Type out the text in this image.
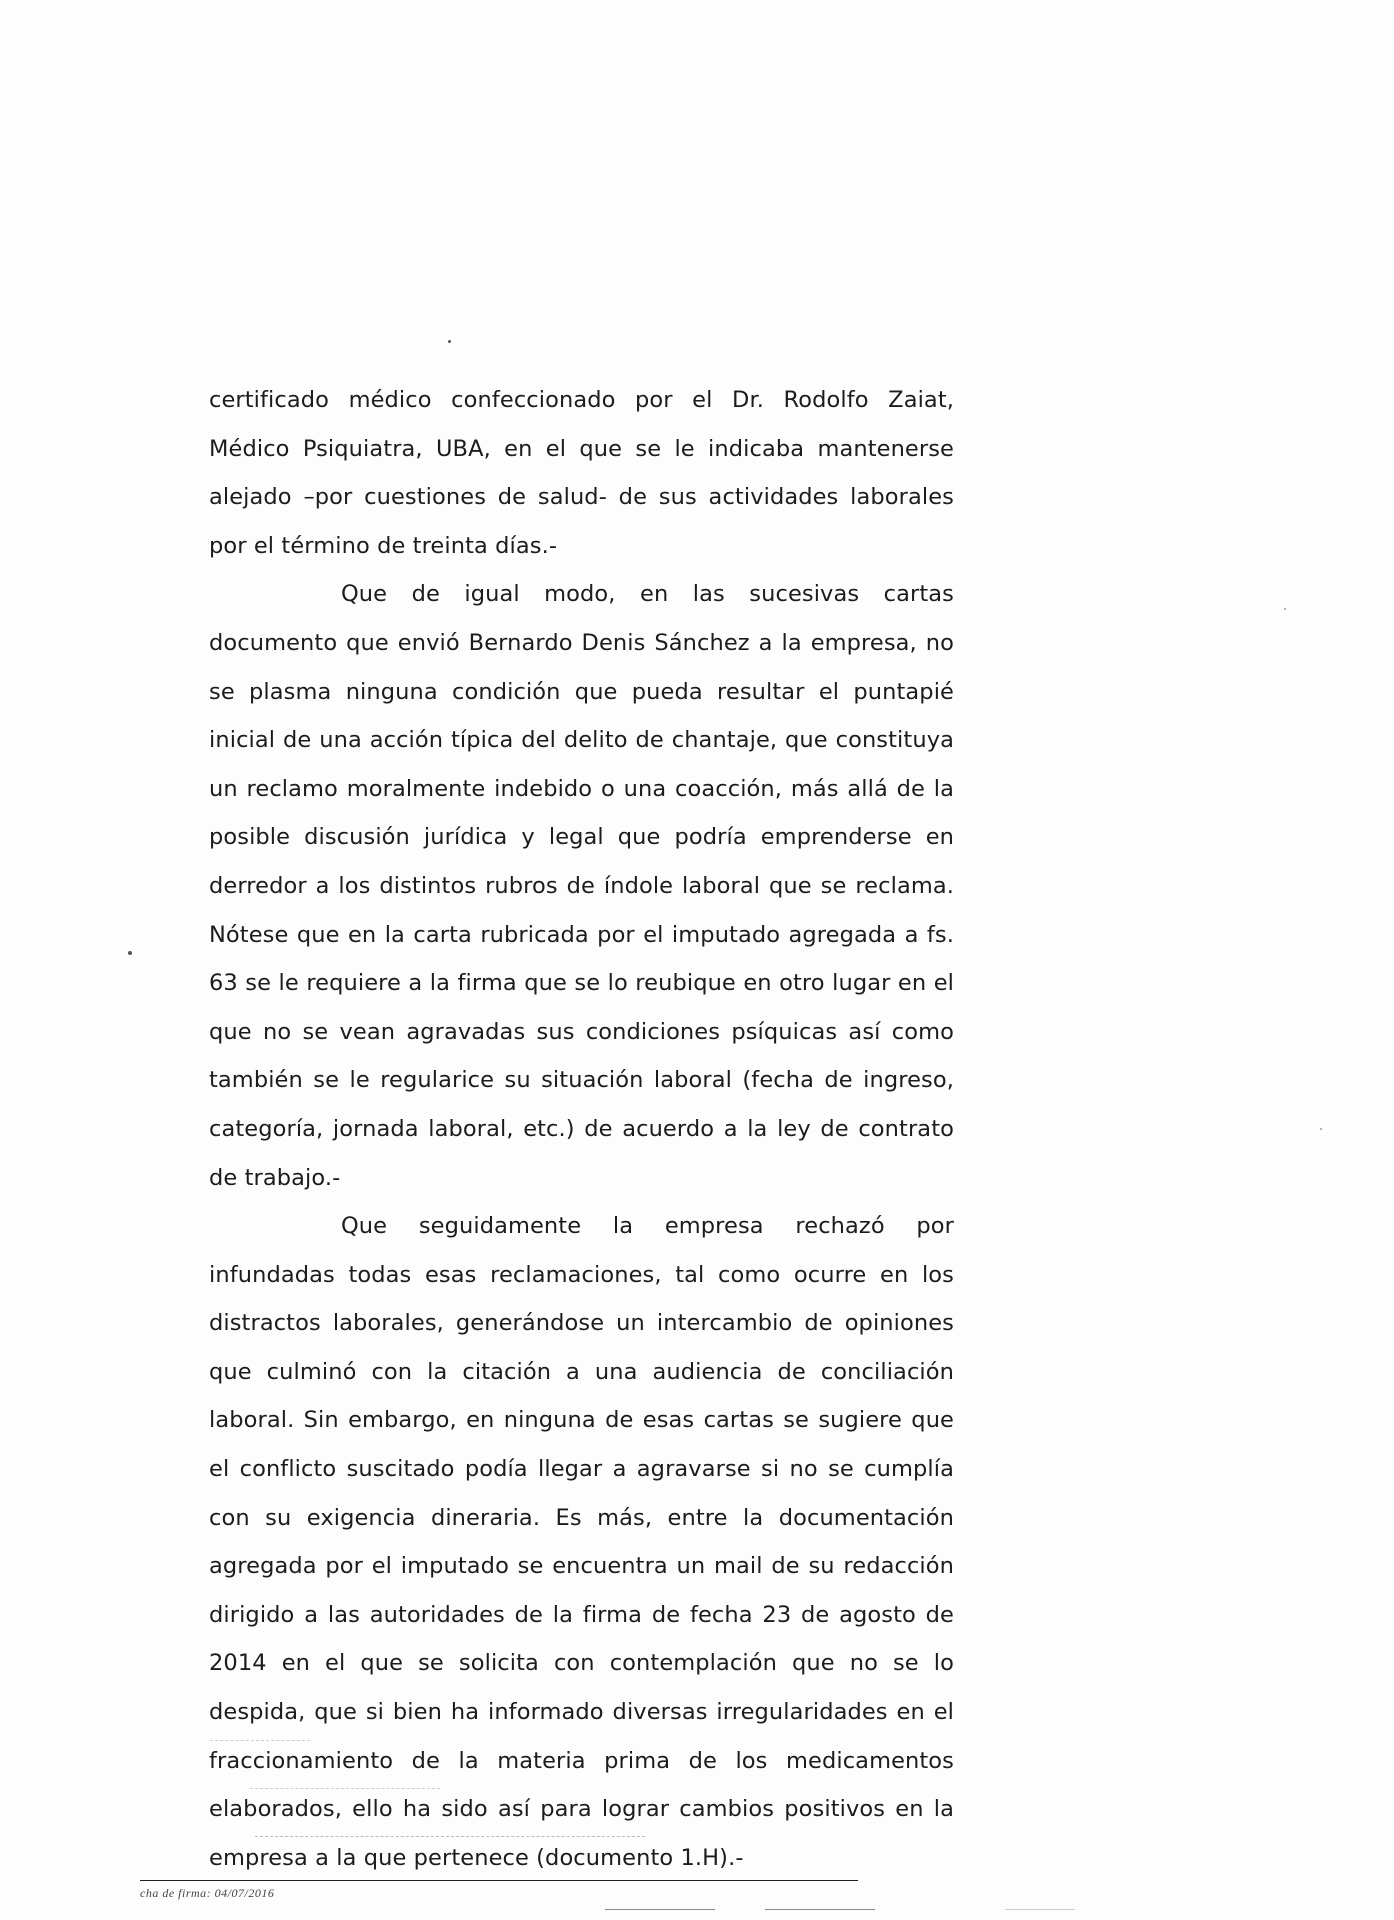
certificado médico confeccionado por el Dr. Rodolfo Zaiat, Médico Psiquiatra, UBA, en el que se le indicaba mantenerse alejado –por cuestiones de salud- de sus actividades laborales por el término de treinta días.-

Que de igual modo, en las sucesivas cartas documento que envió Bernardo Denis Sánchez a la empresa, no se plasma ninguna condición que pueda resultar el puntapié inicial de una acción típica del delito de chantaje, que constituya un reclamo moralmente indebido o una coacción, más allá de la posible discusión jurídica y legal que podría emprenderse en derredor a los distintos rubros de índole laboral que se reclama. Nótese que en la carta rubricada por el imputado agregada a fs. 63 se le requiere a la firma que se lo reubique en otro lugar en el que no se vean agravadas sus condiciones psíquicas así como también se le regularice su situación laboral (fecha de ingreso, categoría, jornada laboral, etc.) de acuerdo a la ley de contrato de trabajo.-

Que seguidamente la empresa rechazó por infundadas todas esas reclamaciones, tal como ocurre en los distractos laborales, generándose un intercambio de opiniones que culminó con la citación a una audiencia de conciliación laboral. Sin embargo, en ninguna de esas cartas se sugiere que el conflicto suscitado podía llegar a agravarse si no se cumplía con su exigencia dineraria. Es más, entre la documentación agregada por el imputado se encuentra un mail de su redacción dirigido a las autoridades de la firma de fecha 23 de agosto de 2014 en el que se solicita con contemplación que no se lo despida, que si bien ha informado diversas irregularidades en el fraccionamiento de la materia prima de los medicamentos elaborados, ello ha sido así para lograr cambios positivos en la empresa a la que pertenece (documento 1.H).-

cha de firma: 04/07/2016
